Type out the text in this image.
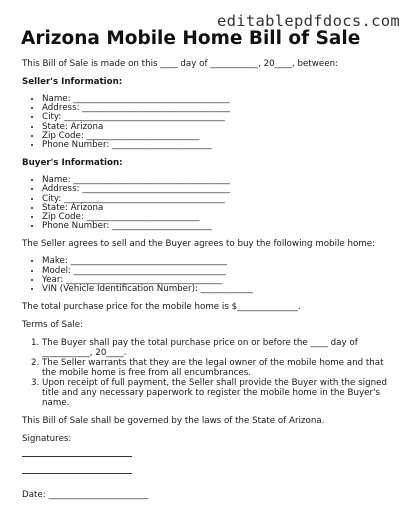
editablepdfdocs.com
Arizona Mobile Home Bill of Sale

This Bill of Sale is made on this ____ day of ___________, 20____, between:

Seller's Information:

• Name: ____________________________________
• Address: __________________________________
• City: _____________________________________
• State: Arizona
• Zip Code: __________________________
• Phone Number: _______________________

Buyer's Information:

• Name: ____________________________________
• Address: __________________________________
• City: _____________________________________
• State: Arizona
• Zip Code: __________________________
• Phone Number: _______________________

The Seller agrees to sell and the Buyer agrees to buy the following mobile home:

• Make: ____________________________________
• Model: ___________________________________
• Year: ____________________________________
• VIN (Vehicle Identification Number): ____________

The total purchase price for the mobile home is $______________.

Terms of Sale:

1. The Buyer shall pay the total purchase price on or before the ____ day of ___________, 20____.
2. The Seller warrants that they are the legal owner of the mobile home and that the mobile home is free from all encumbrances.
3. Upon receipt of full payment, the Seller shall provide the Buyer with the signed title and any necessary paperwork to register the mobile home in the Buyer's name.

This Bill of Sale shall be governed by the laws of the State of Arizona.

Signatures:

Date: _______________________
